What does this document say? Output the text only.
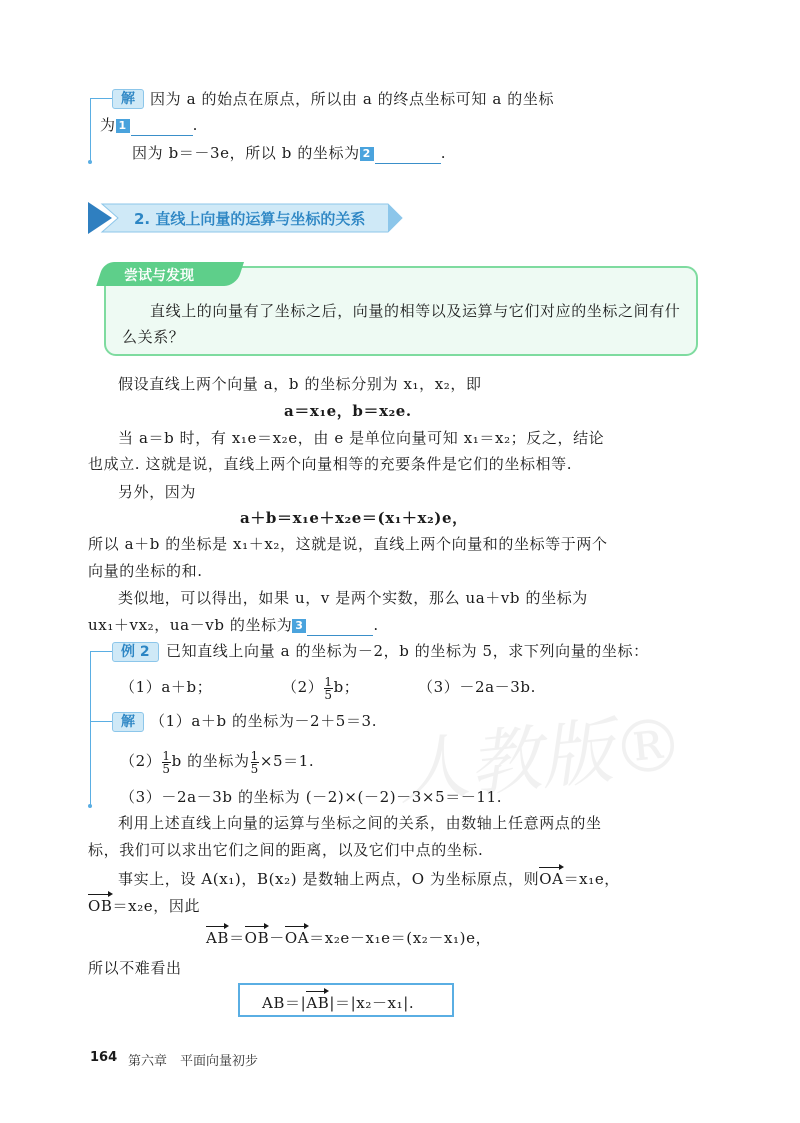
解	因为 a 的始点在原点，所以由 a 的终点坐标可知 a 的坐标
为 1	.
因为 b＝－3e，所以 b 的坐标为 2	.
2. 直线上向量的运算与坐标的关系
尝试与发现
直线上的向量有了坐标之后，向量的相等以及运算与它们对应的坐标之间有什
么关系？
假设直线上两个向量 a，b 的坐标分别为 x₁，x₂，即
a＝x₁e，b＝x₂e.
当 a＝b 时，有 x₁e＝x₂e，由 e 是单位向量可知 x₁＝x₂；反之，结论
也成立. 这就是说，直线上两个向量相等的充要条件是它们的坐标相等.
另外，因为
a＋b＝x₁e＋x₂e＝(x₁＋x₂)e，
所以 a＋b 的坐标是 x₁＋x₂，这就是说，直线上两个向量和的坐标等于两个
向量的坐标的和.
类似地，可以得出，如果 u，v 是两个实数，那么 ua＋vb 的坐标为
ux₁＋vx₂，ua－vb 的坐标为 3	.
例 2	已知直线上向量 a 的坐标为－2，b 的坐标为 5，求下列向量的坐标：
（1）a＋b；	$(2) \frac{1}{5}$ b；	（3）－2a－3b.
解	（1）a＋b 的坐标为－2＋5＝3.
$(2) \frac{1}{5}$ b 的坐标为 $\frac{1}{5} \times 5=1$.
（3）－2a－3b 的坐标为 (－2)×(－2)－3×5＝－11.
人教版®
利用上述直线上向量的运算与坐标之间的关系，由数轴上任意两点的坐
标，我们可以求出它们之间的距离，以及它们中点的坐标.
事实上，设 A(x₁)，B(x₂) 是数轴上两点，O 为坐标原点，则OA＝x₁e，
OB＝x₂e，因此
AB＝OB－OA＝x₂e－x₁e＝(x₂－x₁)e，
所以不难看出
AB＝|AB|＝|x₂－x₁|.
164 第六章　平面向量初步
